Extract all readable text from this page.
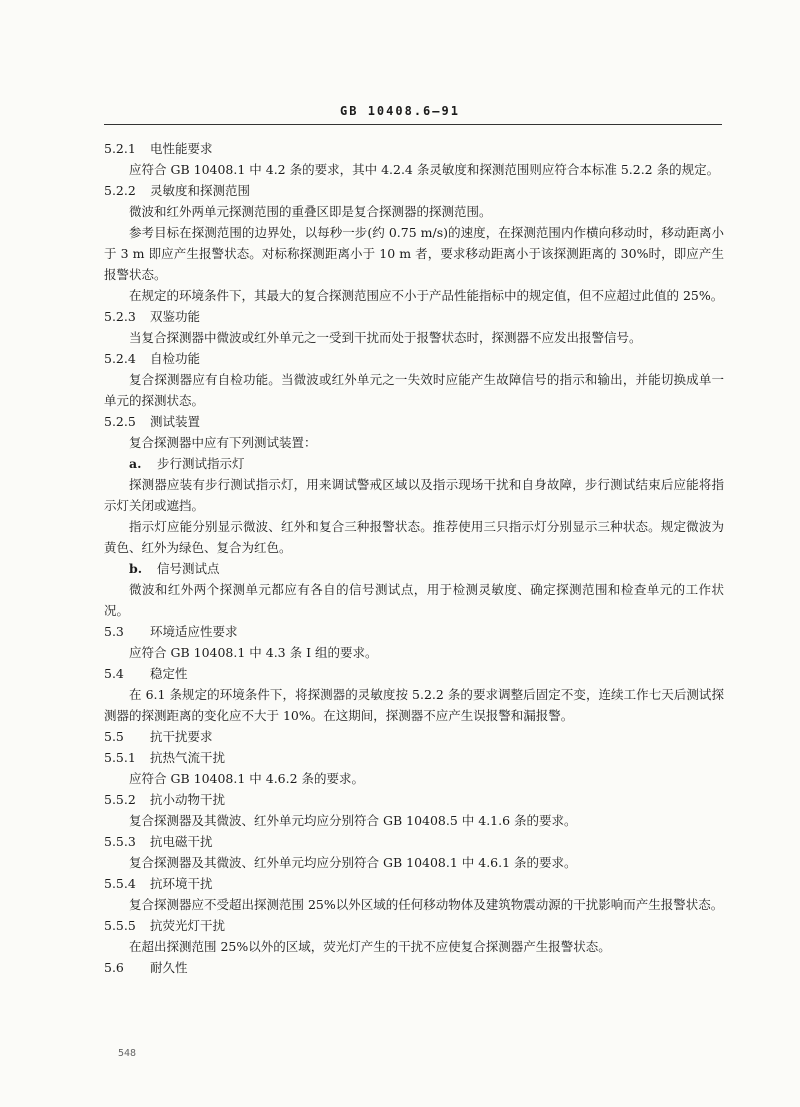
GB 10408.6—91
5.2.1 电性能要求

应符合 GB 10408.1 中 4.2 条的要求，其中 4.2.4 条灵敏度和探测范围则应符合本标准 5.2.2 条的规定。

5.2.2 灵敏度和探测范围

微波和红外两单元探测范围的重叠区即是复合探测器的探测范围。

参考目标在探测范围的边界处，以每秒一步(约 0.75 m/s)的速度，在探测范围内作横向移动时，移动距离小于 3 m 即应产生报警状态。对标称探测距离小于 10 m 者，要求移动距离小于该探测距离的 30%时，即应产生报警状态。

在规定的环境条件下，其最大的复合探测范围应不小于产品性能指标中的规定值，但不应超过此值的 25%。

5.2.3 双鉴功能

当复合探测器中微波或红外单元之一受到干扰而处于报警状态时，探测器不应发出报警信号。

5.2.4 自检功能

复合探测器应有自检功能。当微波或红外单元之一失效时应能产生故障信号的指示和输出，并能切换成单一单元的探测状态。

5.2.5 测试装置

复合探测器中应有下列测试装置：

a. 步行测试指示灯

探测器应装有步行测试指示灯，用来调试警戒区域以及指示现场干扰和自身故障，步行测试结束后应能将指示灯关闭或遮挡。

指示灯应能分别显示微波、红外和复合三种报警状态。推荐使用三只指示灯分别显示三种状态。规定微波为黄色、红外为绿色、复合为红色。

b. 信号测试点

微波和红外两个探测单元都应有各自的信号测试点，用于检测灵敏度、确定探测范围和检查单元的工作状况。

5.3 环境适应性要求

应符合 GB 10408.1 中 4.3 条 I 组的要求。

5.4 稳定性

在 6.1 条规定的环境条件下，将探测器的灵敏度按 5.2.2 条的要求调整后固定不变，连续工作七天后测试探测器的探测距离的变化应不大于 10%。在这期间，探测器不应产生误报警和漏报警。

5.5 抗干扰要求
5.5.1 抗热气流干扰

应符合 GB 10408.1 中 4.6.2 条的要求。

5.5.2 抗小动物干扰

复合探测器及其微波、红外单元均应分别符合 GB 10408.5 中 4.1.6 条的要求。

5.5.3 抗电磁干扰

复合探测器及其微波、红外单元均应分别符合 GB 10408.1 中 4.6.1 条的要求。

5.5.4 抗环境干扰

复合探测器应不受超出探测范围 25%以外区域的任何移动物体及建筑物震动源的干扰影响而产生报警状态。

5.5.5 抗荧光灯干扰

在超出探测范围 25%以外的区域，荧光灯产生的干扰不应使复合探测器产生报警状态。

5.6 耐久性
548
